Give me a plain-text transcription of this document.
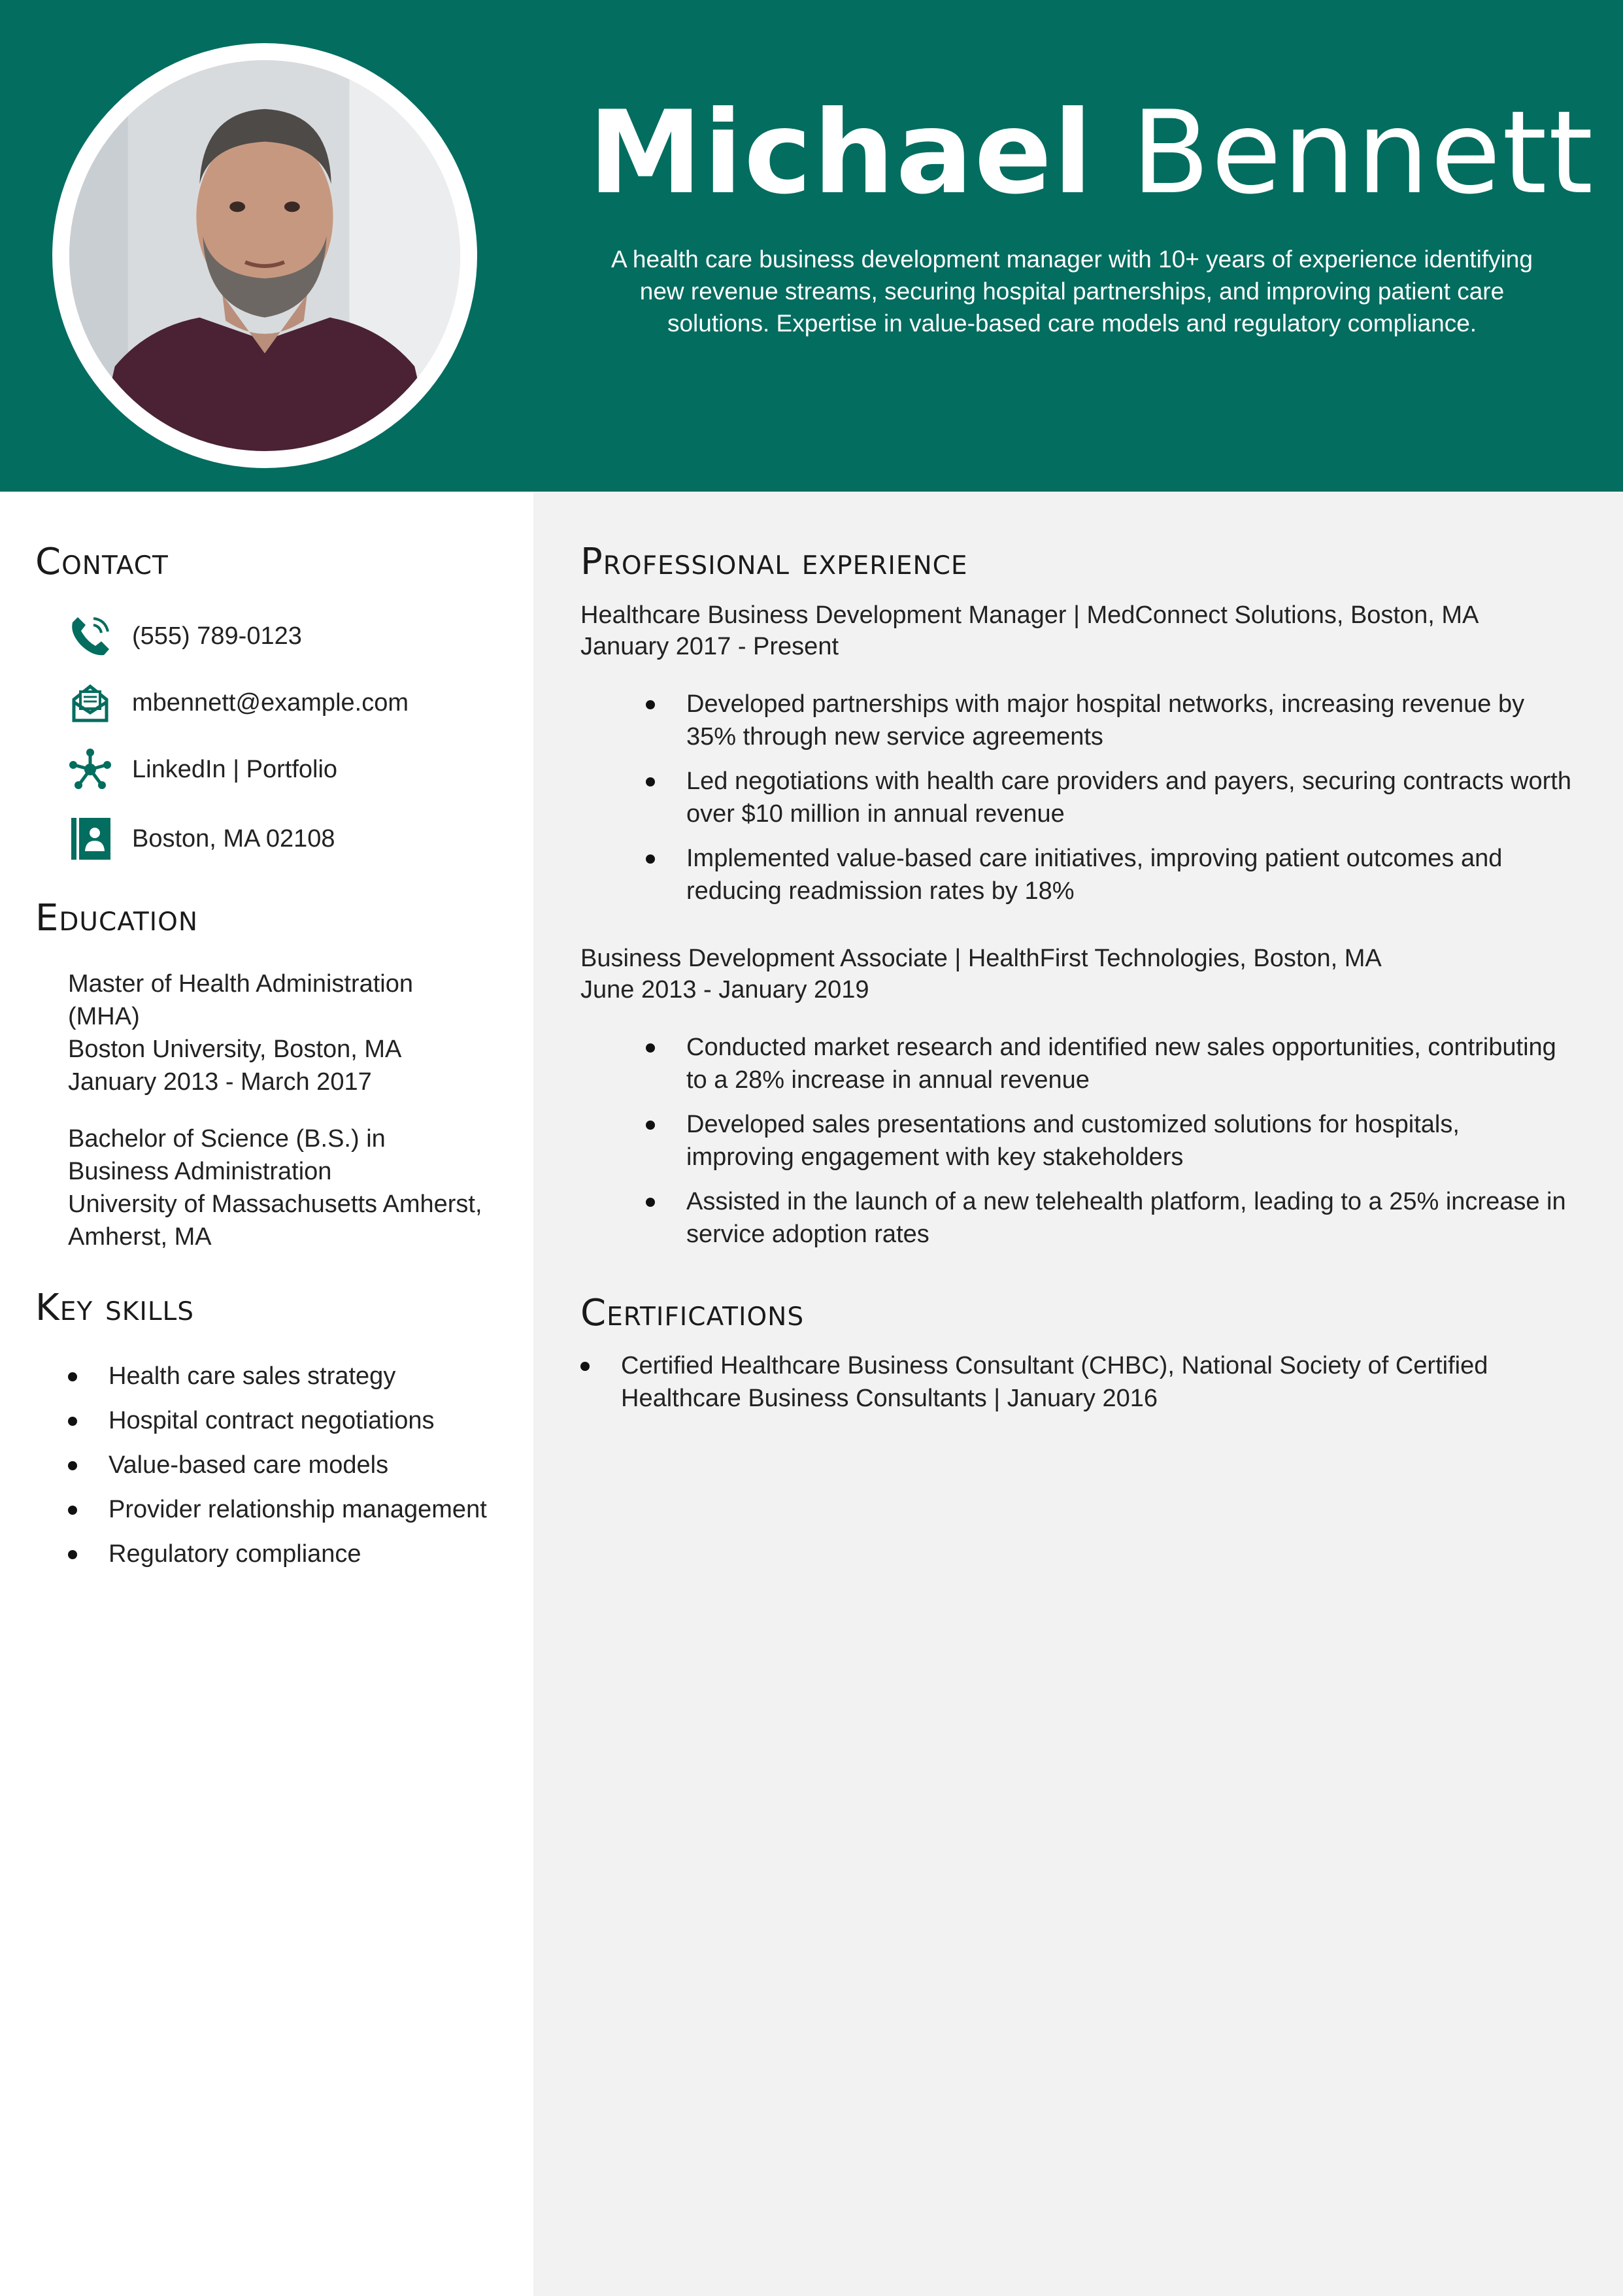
Michael Bennett
A health care business development manager with 10+ years of experience identifying new revenue streams, securing hospital partnerships, and improving patient care solutions. Expertise in value-based care models and regulatory compliance.
Contact
(555) 789-0123
mbennett@example.com
LinkedIn | Portfolio
Boston, MA 02108
Education
Master of Health Administration
(MHA)
Boston University, Boston, MA
January 2013 - March 2017
Bachelor of Science (B.S.) in
Business Administration
University of Massachusetts Amherst,
Amherst, MA
Key skills
Health care sales strategy
Hospital contract negotiations
Value-based care models
Provider relationship management
Regulatory compliance
Professional experience
Healthcare Business Development Manager | MedConnect Solutions, Boston, MA
January 2017 - Present
Developed partnerships with major hospital networks, increasing revenue by 35% through new service agreements
Led negotiations with health care providers and payers, securing contracts worth over $10 million in annual revenue
Implemented value-based care initiatives, improving patient outcomes and reducing readmission rates by 18%
Business Development Associate | HealthFirst Technologies, Boston, MA
June 2013 - January 2019
Conducted market research and identified new sales opportunities, contributing to a 28% increase in annual revenue
Developed sales presentations and customized solutions for hospitals, improving engagement with key stakeholders
Assisted in the launch of a new telehealth platform, leading to a 25% increase in service adoption rates
Certifications
Certified Healthcare Business Consultant (CHBC), National Society of Certified Healthcare Business Consultants | January 2016
